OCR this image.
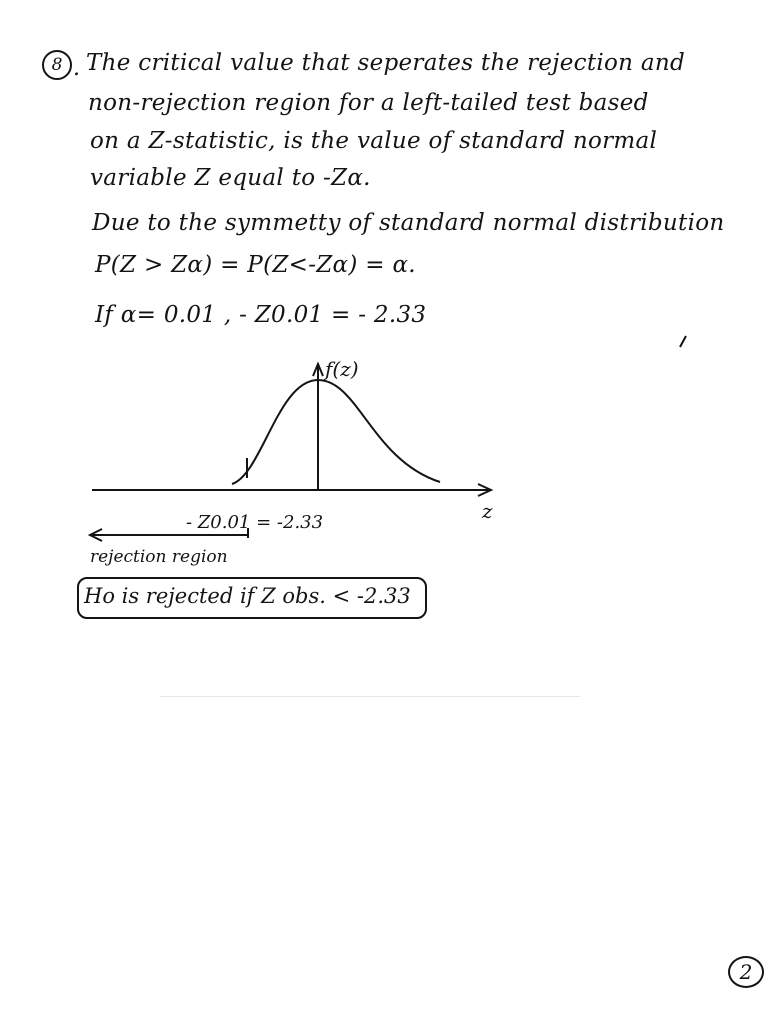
8 . The critical value that seperates the rejection and
non-rejection region for a left-tailed test based
on a Z-statistic, is the value of standard normal
variable Z equal to -Zα.
Due to the symmetty of standard normal distribution
P(Z > Zα) = P(Z<-Zα) = α.
If α= 0.01 , - Z0.01 = - 2.33
f(z)
z
- Z0.01 = -2.33
rejection region
Ho is rejected if Z obs. < -2.33
2
